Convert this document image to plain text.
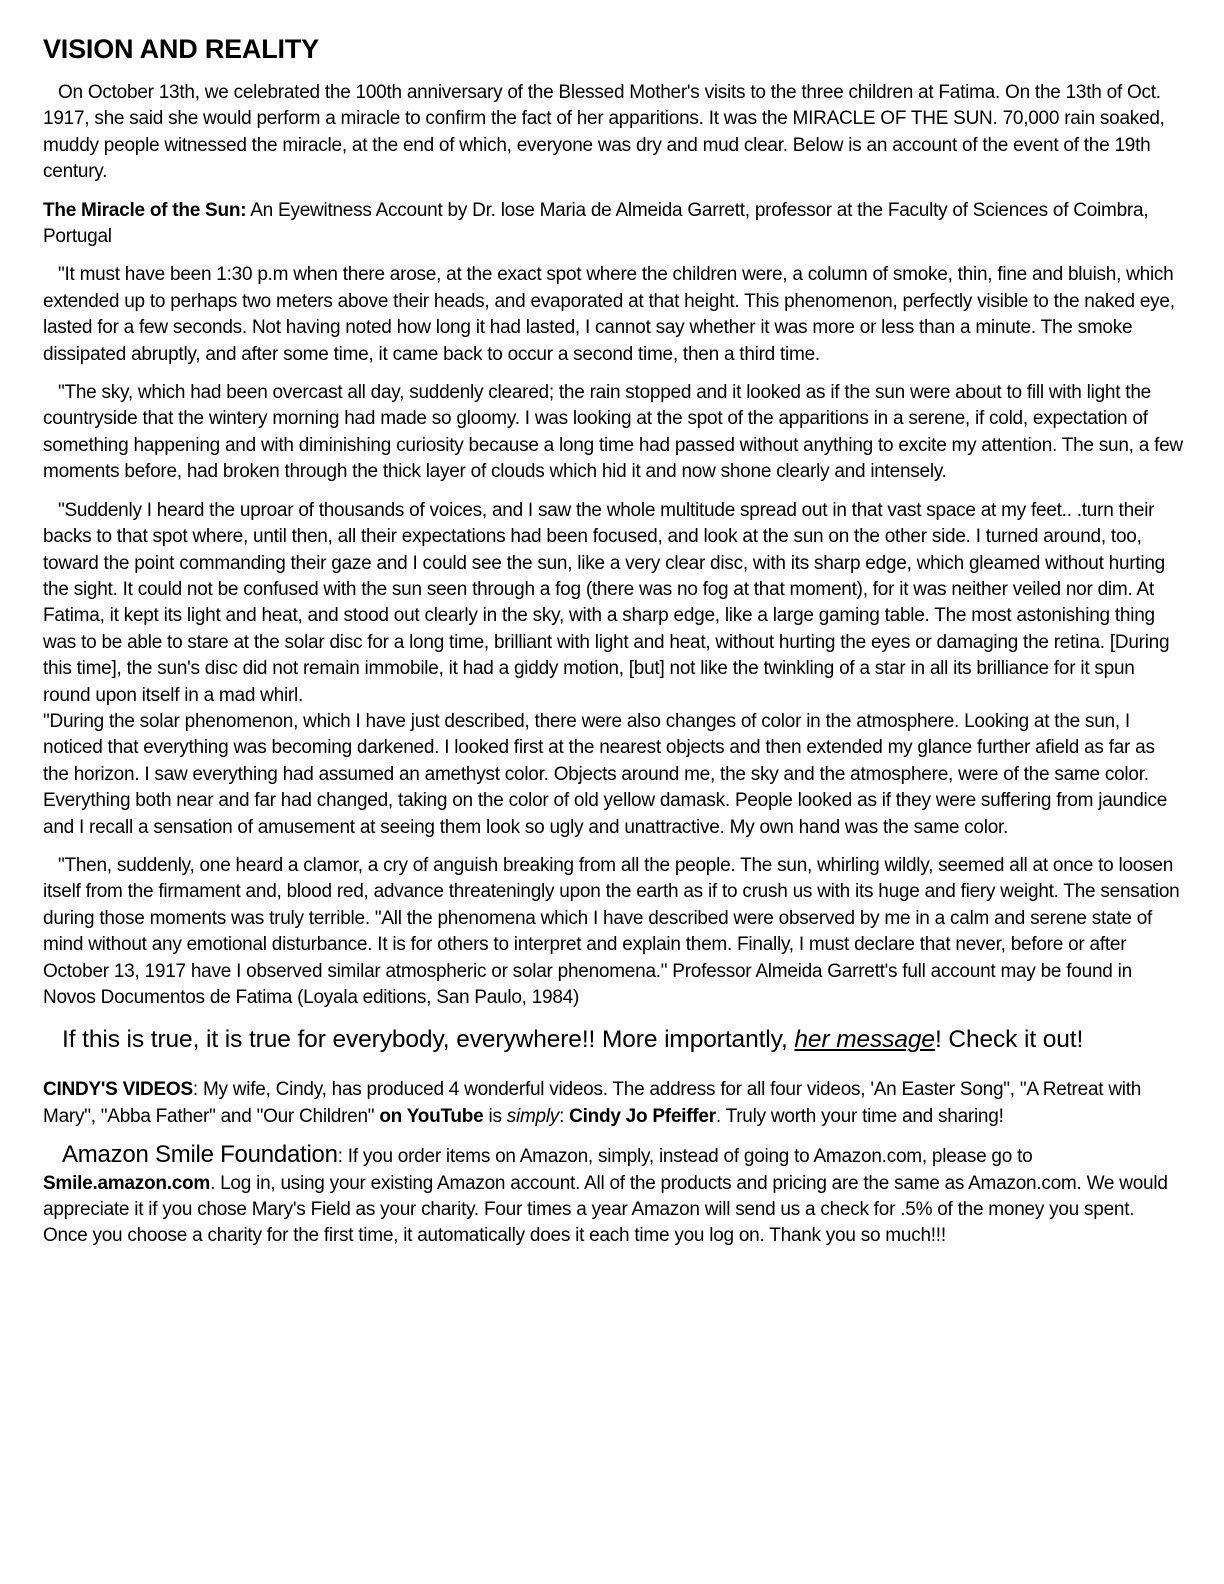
VISION AND REALITY

On October 13th, we celebrated the 100th anniversary of the Blessed Mother's visits to the three children at Fatima. On the 13th of Oct. 1917, she said she would perform a miracle to confirm the fact of her apparitions. It was the MIRACLE OF THE SUN. 70,000 rain soaked, muddy people witnessed the miracle, at the end of which, everyone was dry and mud clear. Below is an account of the event of the 19th century.

The Miracle of the Sun: An Eyewitness Account by Dr. lose Maria de Almeida Garrett, professor at the Faculty of Sciences of Coimbra, Portugal

"It must have been 1:30 p.m when there arose, at the exact spot where the children were, a column of smoke, thin, fine and bluish, which extended up to perhaps two meters above their heads, and evaporated at that height. This phenomenon, perfectly visible to the naked eye, lasted for a few seconds. Not having noted how long it had lasted, I cannot say whether it was more or less than a minute. The smoke dissipated abruptly, and after some time, it came back to occur a second time, then a third time.

"The sky, which had been overcast all day, suddenly cleared; the rain stopped and it looked as if the sun were about to fill with light the countryside that the wintery morning had made so gloomy. I was looking at the spot of the apparitions in a serene, if cold, expectation of something happening and with diminishing curiosity because a long time had passed without anything to excite my attention. The sun, a few moments before, had broken through the thick layer of clouds which hid it and now shone clearly and intensely.

"Suddenly I heard the uproar of thousands of voices, and I saw the whole multitude spread out in that vast space at my feet.. .turn their backs to that spot where, until then, all their expectations had been focused, and look at the sun on the other side. I turned around, too, toward the point commanding their gaze and I could see the sun, like a very clear disc, with its sharp edge, which gleamed without hurting the sight. It could not be confused with the sun seen through a fog (there was no fog at that moment), for it was neither veiled nor dim. At Fatima, it kept its light and heat, and stood out clearly in the sky, with a sharp edge, like a large gaming table. The most astonishing thing was to be able to stare at the solar disc for a long time, brilliant with light and heat, without hurting the eyes or damaging the retina. [During this time], the sun's disc did not remain immobile, it had a giddy motion, [but] not like the twinkling of a star in all its brilliance for it spun round upon itself in a mad whirl.

"During the solar phenomenon, which I have just described, there were also changes of color in the atmosphere. Looking at the sun, I noticed that everything was becoming darkened. I looked first at the nearest objects and then extended my glance further afield as far as the horizon. I saw everything had assumed an amethyst color. Objects around me, the sky and the atmosphere, were of the same color. Everything both near and far had changed, taking on the color of old yellow damask. People looked as if they were suffering from jaundice and I recall a sensation of amusement at seeing them look so ugly and unattractive. My own hand was the same color.

"Then, suddenly, one heard a clamor, a cry of anguish breaking from all the people. The sun, whirling wildly, seemed all at once to loosen itself from the firmament and, blood red, advance threateningly upon the earth as if to crush us with its huge and fiery weight. The sensation during those moments was truly terrible. "All the phenomena which I have described were observed by me in a calm and serene state of mind without any emotional disturbance. It is for others to interpret and explain them. Finally, I must declare that never, before or after October 13, 1917 have I observed similar atmospheric or solar phenomena." Professor Almeida Garrett's full account may be found in Novos Documentos de Fatima (Loyala editions, San Paulo, 1984)

If this is true, it is true for everybody, everywhere!! More importantly, her message! Check it out!

CINDY'S VIDEOS: My wife, Cindy, has produced 4 wonderful videos. The address for all four videos, 'An Easter Song", "A Retreat with Mary", "Abba Father" and "Our Children" on YouTube is simply: Cindy Jo Pfeiffer. Truly worth your time and sharing!

Amazon Smile Foundation: If you order items on Amazon, simply, instead of going to Amazon.com, please go to Smile.amazon.com. Log in, using your existing Amazon account. All of the products and pricing are the same as Amazon.com. We would appreciate it if you chose Mary's Field as your charity. Four times a year Amazon will send us a check for .5% of the money you spent. Once you choose a charity for the first time, it automatically does it each time you log on. Thank you so much!!!
